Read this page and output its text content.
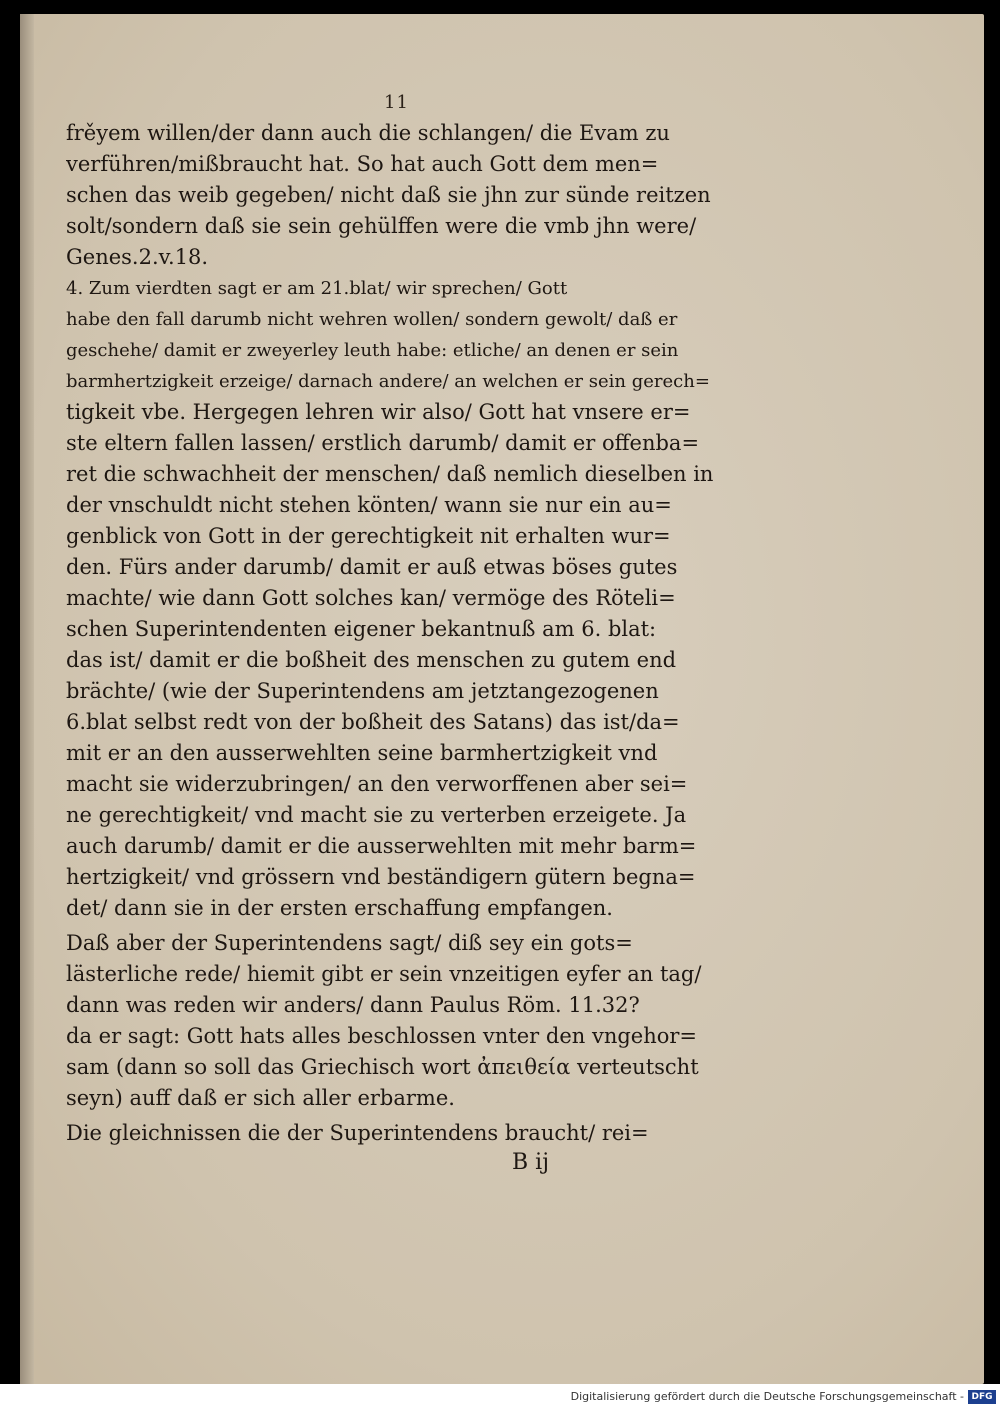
11
frěyem willen/der dann auch die schlangen/ die Evam zu
verführen/mißbraucht hat. So hat auch Gott dem men=
schen das weib gegeben/ nicht daß sie jhn zur sünde reitzen
solt/sondern daß sie sein gehülffen were die vmb jhn were/
Genes.2.v.18.
4. Zum vierdten sagt er am 21.blat/ wir sprechen/ Gott
habe den fall darumb nicht wehren wollen/ sondern gewolt/ daß er
geschehe/ damit er zweyerley leuth habe: etliche/ an denen er sein
barmhertzigkeit erzeige/ darnach andere/ an welchen er sein gerech=
tigkeit vbe. Hergegen lehren wir also/ Gott hat vnsere er=
ste eltern fallen lassen/ erstlich darumb/ damit er offenba=
ret die schwachheit der menschen/ daß nemlich dieselben in
der vnschuldt nicht stehen könten/ wann sie nur ein au=
genblick von Gott in der gerechtigkeit nit erhalten wur=
den. Fürs ander darumb/ damit er auß etwas böses gutes
machte/ wie dann Gott solches kan/ vermöge des Röteli=
schen Superintendenten eigener bekantnuß am 6. blat:
das ist/ damit er die boßheit des menschen zu gutem end
brächte/ (wie der Superintendens am jetztangezogenen
6.blat selbst redt von der boßheit des Satans) das ist/da=
mit er an den ausserwehlten seine barmhertzigkeit vnd
macht sie widerzubringen/ an den verworffenen aber sei=
ne gerechtigkeit/ vnd macht sie zu verterben erzeigete. Ja
auch darumb/ damit er die ausserwehlten mit mehr barm=
hertzigkeit/ vnd grössern vnd beständigern gütern begna=
det/ dann sie in der ersten erschaffung empfangen.
Daß aber der Superintendens sagt/ diß sey ein gots=
lästerliche rede/ hiemit gibt er sein vnzeitigen eyfer an tag/
dann was reden wir anders/ dann Paulus Röm. 11.32?
da er sagt: Gott hats alles beschlossen vnter den vngehor=
sam (dann so soll das Griechisch wort ἀπειθεία verteutscht
seyn) auff daß er sich aller erbarme.
Die gleichnissen die der Superintendens braucht/ rei=
B ij
Digitalisierung gefördert durch die Deutsche Forschungsgemeinschaft - DFG
